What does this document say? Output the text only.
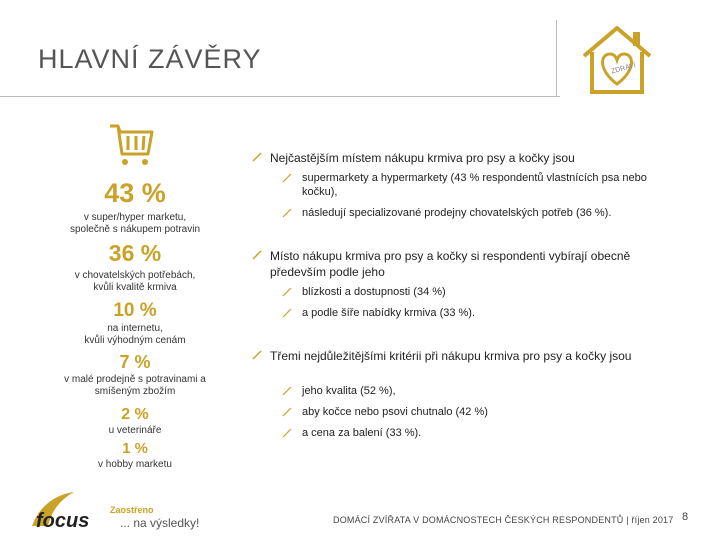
HLAVNÍ ZÁVĚRY	ZDRAVÍ
43 %
v super/hyper marketu,
společně s nákupem potravin
36 %
v chovatelských potřebách,
kvůli kvalitě krmiva
10 %
na internetu,
kvůli výhodným cenám
7 %
v malé prodejně s potravinami a
smíšeným zbožím
2 %
u veterináře
1 %
v hobby marketu
Nejčastějším místem nákupu krmiva pro psy a kočky jsou
supermarkety a hypermarkety (43 % respondentů vlastnících psa nebo kočku),
následují specializované prodejny chovatelských potřeb (36 %).
Místo nákupu krmiva pro psy a kočky si respondenti vybírají obecně především podle jeho
blízkosti a dostupnosti (34 %)
a podle šíře nabídky krmiva (33 %).
Třemi nejdůležitějšími kritérii při nákupu krmiva pro psy a kočky jsou
jeho kvalita (52 %),
aby kočce nebo psovi chutnalo (42 %)
a cena za balení (33 %).
focus Zaostřeno
... na výsledky!	DOMÁCÍ ZVÍŘATA V DOMÁCNOSTECH ČESKÝCH RESPONDENTŮ | říjen 2017 8
